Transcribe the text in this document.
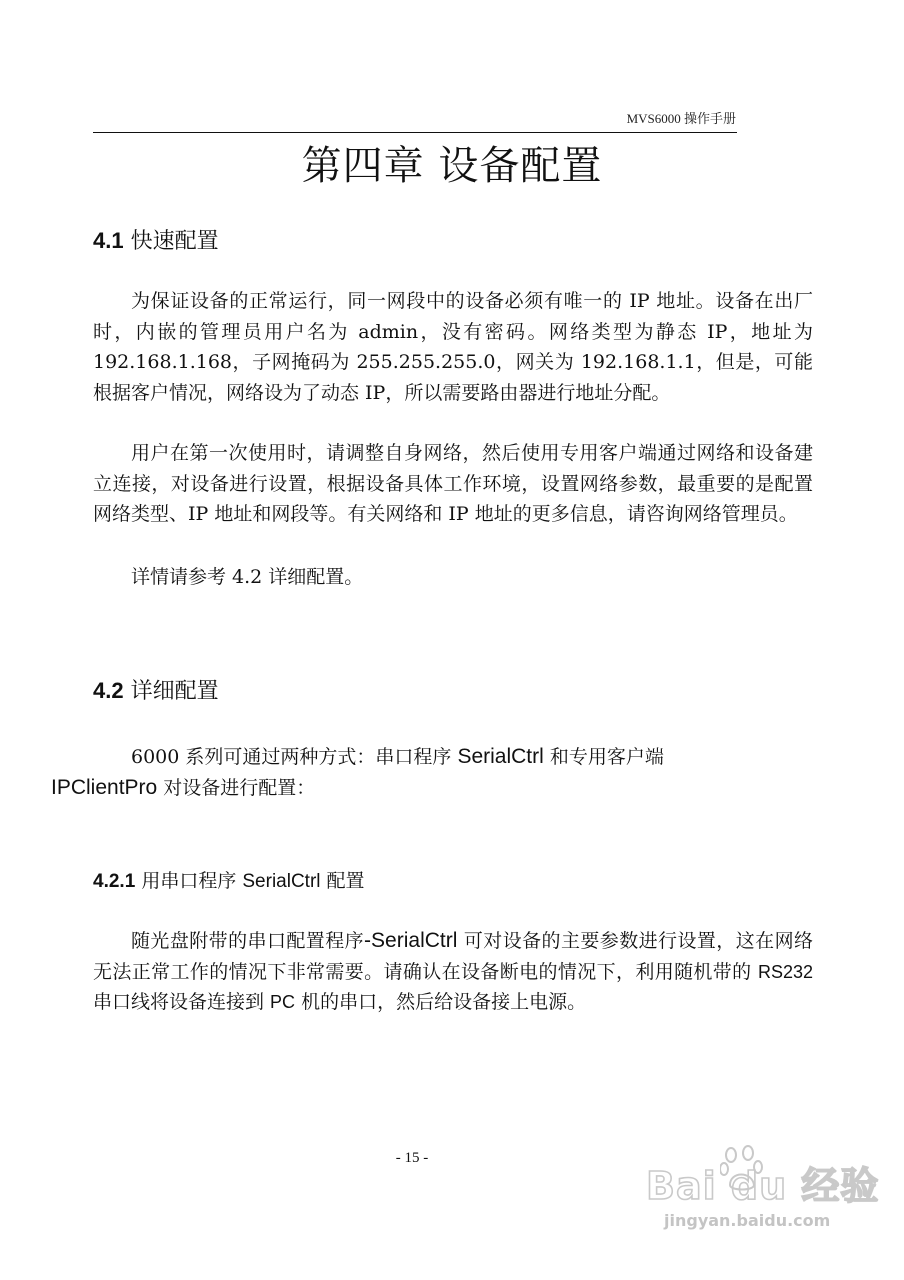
MVS6000 操作手册
第四章 设备配置
4.1 快速配置

为保证设备的正常运行，同一网段中的设备必须有唯一的 IP 地址。设备在出厂时，内嵌的管理员用户名为 admin，没有密码。网络类型为静态 IP，地址为 192.168.1.168，子网掩码为 255.255.255.0，网关为 192.168.1.1，但是，可能根据客户情况，网络设为了动态 IP，所以需要路由器进行地址分配。

用户在第一次使用时，请调整自身网络，然后使用专用客户端通过网络和设备建立连接，对设备进行设置，根据设备具体工作环境，设置网络参数，最重要的是配置网络类型、IP 地址和网段等。有关网络和 IP 地址的更多信息，请咨询网络管理员。

详情请参考 4.2 详细配置。

4.2 详细配置

6000 系列可通过两种方式：串口程序 SerialCtrl 和专用客户端
IPClientPro 对设备进行配置：

4.2.1 用串口程序 SerialCtrl 配置

随光盘附带的串口配置程序-SerialCtrl 可对设备的主要参数进行设置，这在网络无法正常工作的情况下非常需要。请确认在设备断电的情况下，利用随机带的 RS232 串口线将设备连接到 PC 机的串口，然后给设备接上电源。

- 15 -
Bai du 经验
jingyan.baidu.com
